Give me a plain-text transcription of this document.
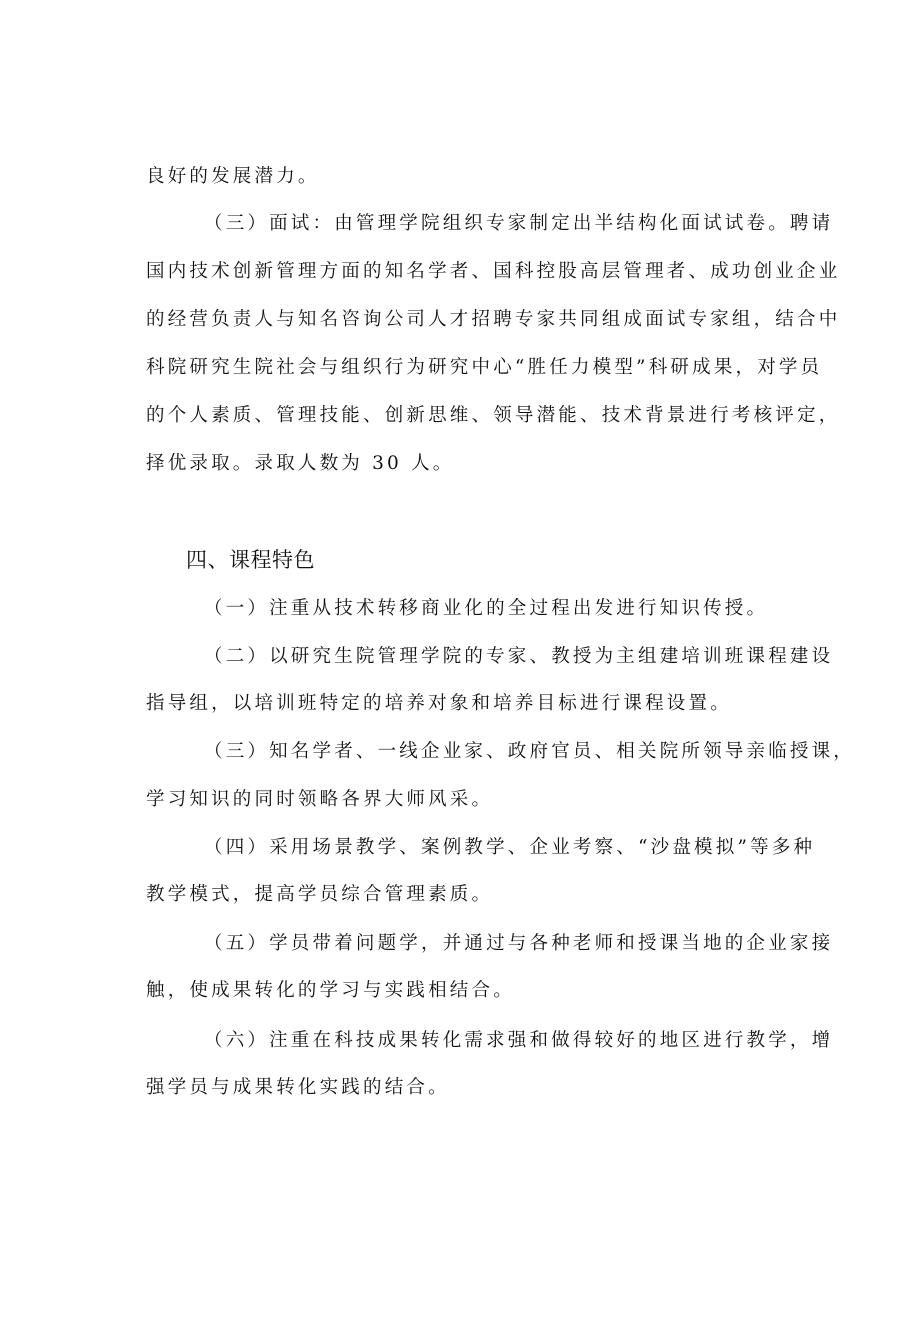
良好的发展潜力。
（三）面试：由管理学院组织专家制定出半结构化面试试卷。聘请
国内技术创新管理方面的知名学者、国科控股高层管理者、成功创业企业
的经营负责人与知名咨询公司人才招聘专家共同组成面试专家组，结合中
科院研究生院社会与组织行为研究中心“胜任力模型”科研成果，对学员
的个人素质、管理技能、创新思维、领导潜能、技术背景进行考核评定，
择优录取。录取人数为 30 人。
四、课程特色
（一）注重从技术转移商业化的全过程出发进行知识传授。
（二）以研究生院管理学院的专家、教授为主组建培训班课程建设
指导组，以培训班特定的培养对象和培养目标进行课程设置。
（三）知名学者、一线企业家、政府官员、相关院所领导亲临授课，
学习知识的同时领略各界大师风采。
（四）采用场景教学、案例教学、企业考察、“沙盘模拟”等多种
教学模式，提高学员综合管理素质。
（五）学员带着问题学，并通过与各种老师和授课当地的企业家接
触，使成果转化的学习与实践相结合。
（六）注重在科技成果转化需求强和做得较好的地区进行教学，增
强学员与成果转化实践的结合。
